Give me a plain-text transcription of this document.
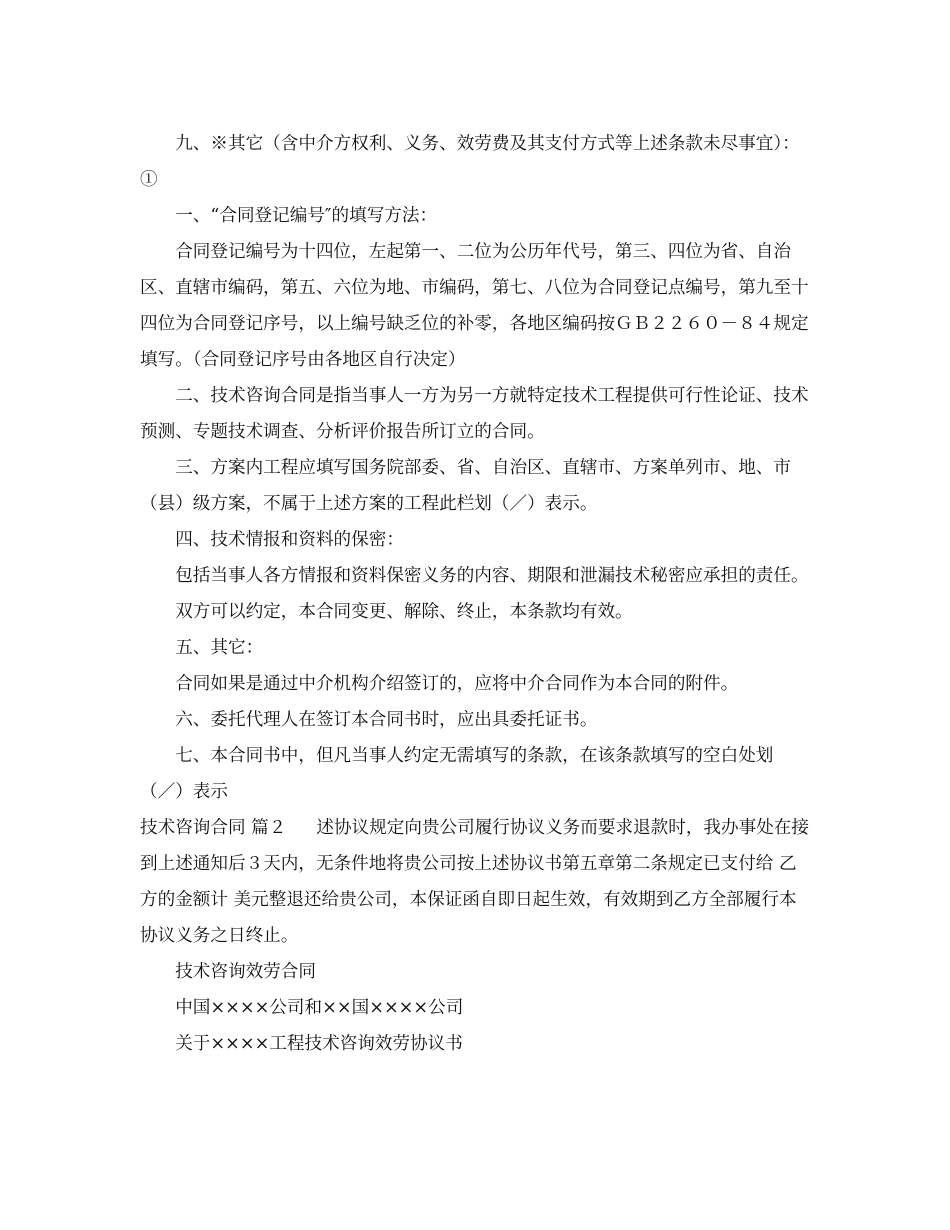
九、※其它（含中介方权利、义务、效劳费及其支付方式等上述条款未尽事宜）：①

一、“合同登记编号″的填写方法：

合同登记编号为十四位，左起第一、二位为公历年代号，第三、四位为省、自治区、直辖市编码，第五、六位为地、市编码，第七、八位为合同登记点编号，第九至十四位为合同登记序号，以上编号缺乏位的补零，各地区编码按ＧＢ２２６０－８４规定填写。（合同登记序号由各地区自行决定）

二、技术咨询合同是指当事人一方为另一方就特定技术工程提供可行性论证、技术预测、专题技术调查、分析评价报告所订立的合同。

三、方案内工程应填写国务院部委、省、自治区、直辖市、方案单列市、地、市（县）级方案，不属于上述方案的工程此栏划（／）表示。

四、技术情报和资料的保密：

包括当事人各方情报和资料保密义务的内容、期限和泄漏技术秘密应承担的责任。

双方可以约定，本合同变更、解除、终止，本条款均有效。

五、其它：

合同如果是通过中介机构介绍签订的，应将中介合同作为本合同的附件。

六、委托代理人在签订本合同书时，应出具委托证书。

七、本合同书中，但凡当事人约定无需填写的条款，在该条款填写的空白处划（／）表示

技术咨询合同 篇２ 述协议规定向贵公司履行协议义务而要求退款时，我办事处在接到上述通知后３天内，无条件地将贵公司按上述协议书第五章第二条规定已支付给 乙方的金额计 美元整退还给贵公司，本保证函自即日起生效，有效期到乙方全部履行本协议义务之日终止。

技术咨询效劳合同

中国××××公司和××国××××公司

关于××××工程技术咨询效劳协议书
